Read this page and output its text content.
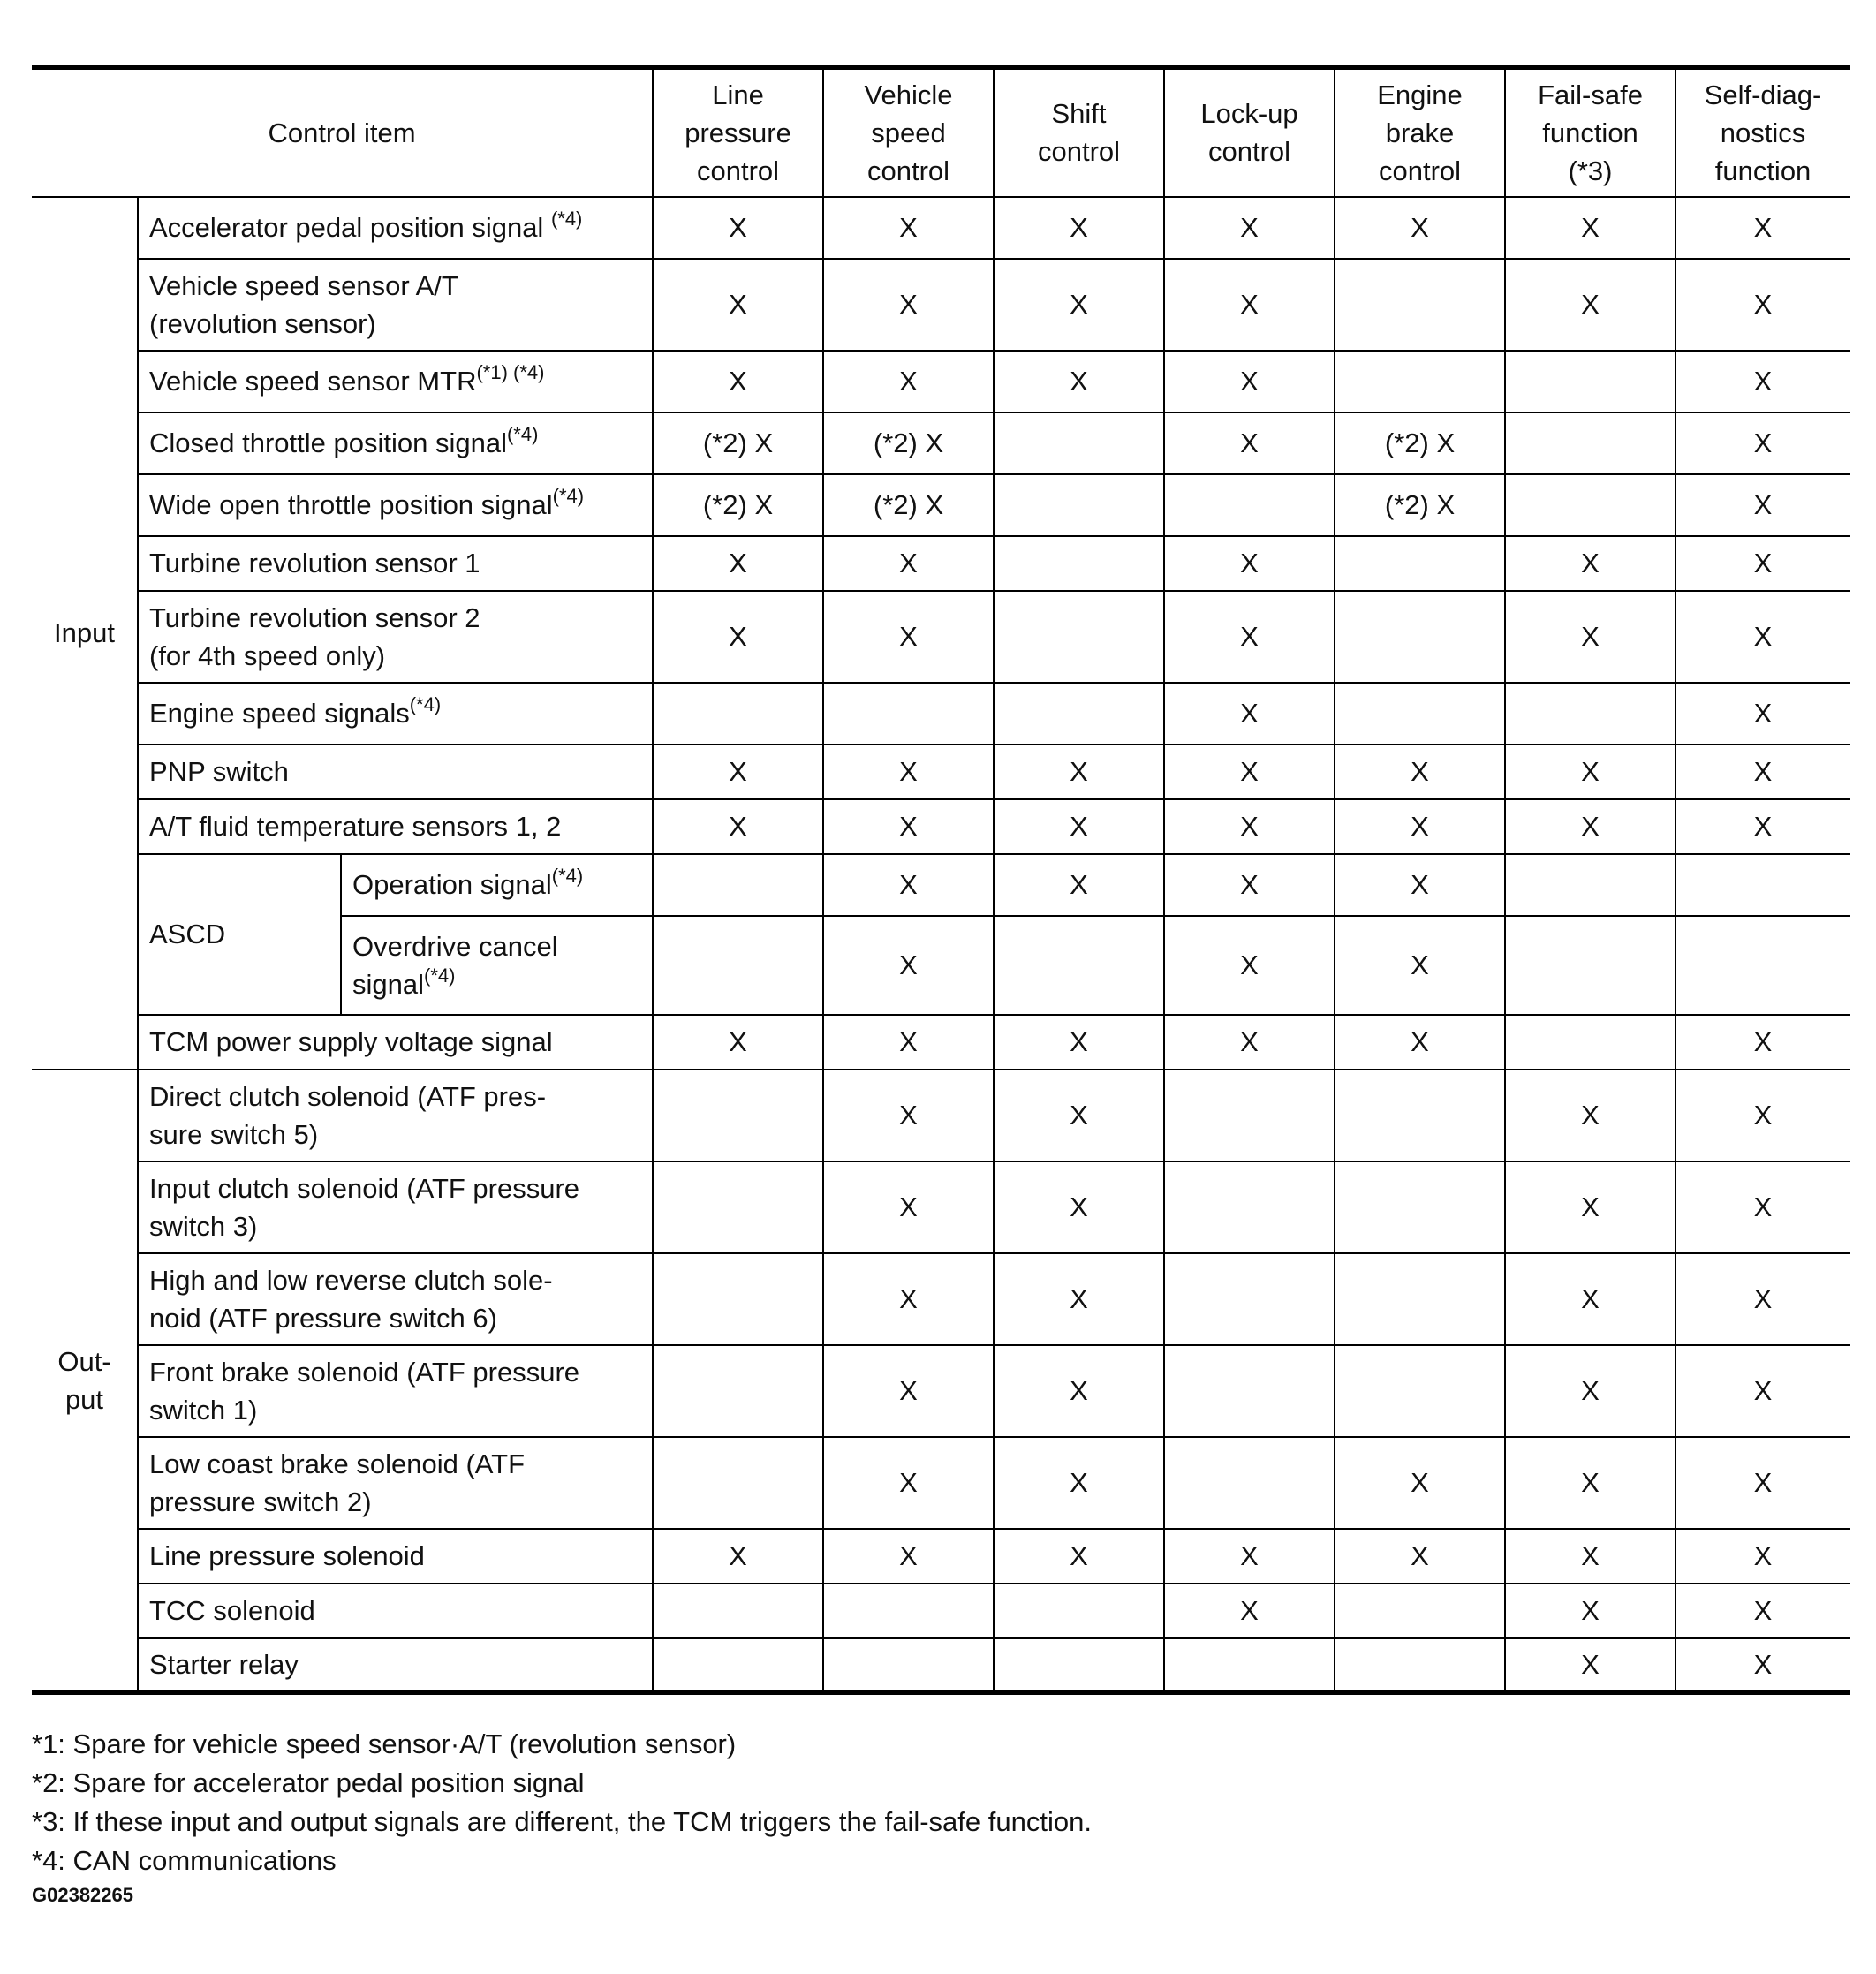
Control item			Line
pressure
control	Vehicle
speed
control	Shift
control	Lock-up
control	Engine
brake
control	Fail-safe
function
(*3)	Self-diag-
nostics
function
Input	Accelerator pedal position signal $^{(*4)}$		X	X	X	X	X	X	X
	Vehicle speed sensor A/T
(revolution sensor)		X	X	X	X		X	X
	Vehicle speed sensor $MTR^{(*1) (*4)}$		X	X	X	X			X
	Closed throttle position signal$^{(*4)}$		(*2) X	(*2) X		X	(*2) X		X
	Wide open throttle position signal$^{(*4)}$		(*2) X	(*2) X			(*2) X		X
	Turbine revolution sensor 1		X	X		X		X	X
	Turbine revolution sensor 2
(for 4th speed only)		X	X		X		X	X
	Engine speed signals$^{(*4)}$					X			X
	PNP switch		X	X	X	X	X	X	X
	A/T fluid temperature sensors 1, 2		X	X	X	X	X	X	X
	ASCD	Operation signal$^{(*4)}$		X	X	X	X		
		Overdrive cancel
signal$^{(*4)}$		X		X	X		
	TCM power supply voltage signal		X	X	X	X	X		X
Out-
put	Direct clutch solenoid (ATF pres-
sure switch 5)			X	X			X	X
	Input clutch solenoid (ATF pressure
switch 3)			X	X			X	X
	High and low reverse clutch sole-
noid (ATF pressure switch 6)			X	X			X	X
	Front brake solenoid (ATF pressure
switch 1)			X	X			X	X
	Low coast brake solenoid (ATF
pressure switch 2)			X	X		X	X	X
	Line pressure solenoid		X	X	X	X	X	X	X
	TCC solenoid					X		X	X
	Starter relay							X	X
*1: Spare for vehicle speed sensor·A/T (revolution sensor)
*2: Spare for accelerator pedal position signal
*3: If these input and output signals are different, the TCM triggers the fail-safe function.
*4: CAN communications
G02382265
